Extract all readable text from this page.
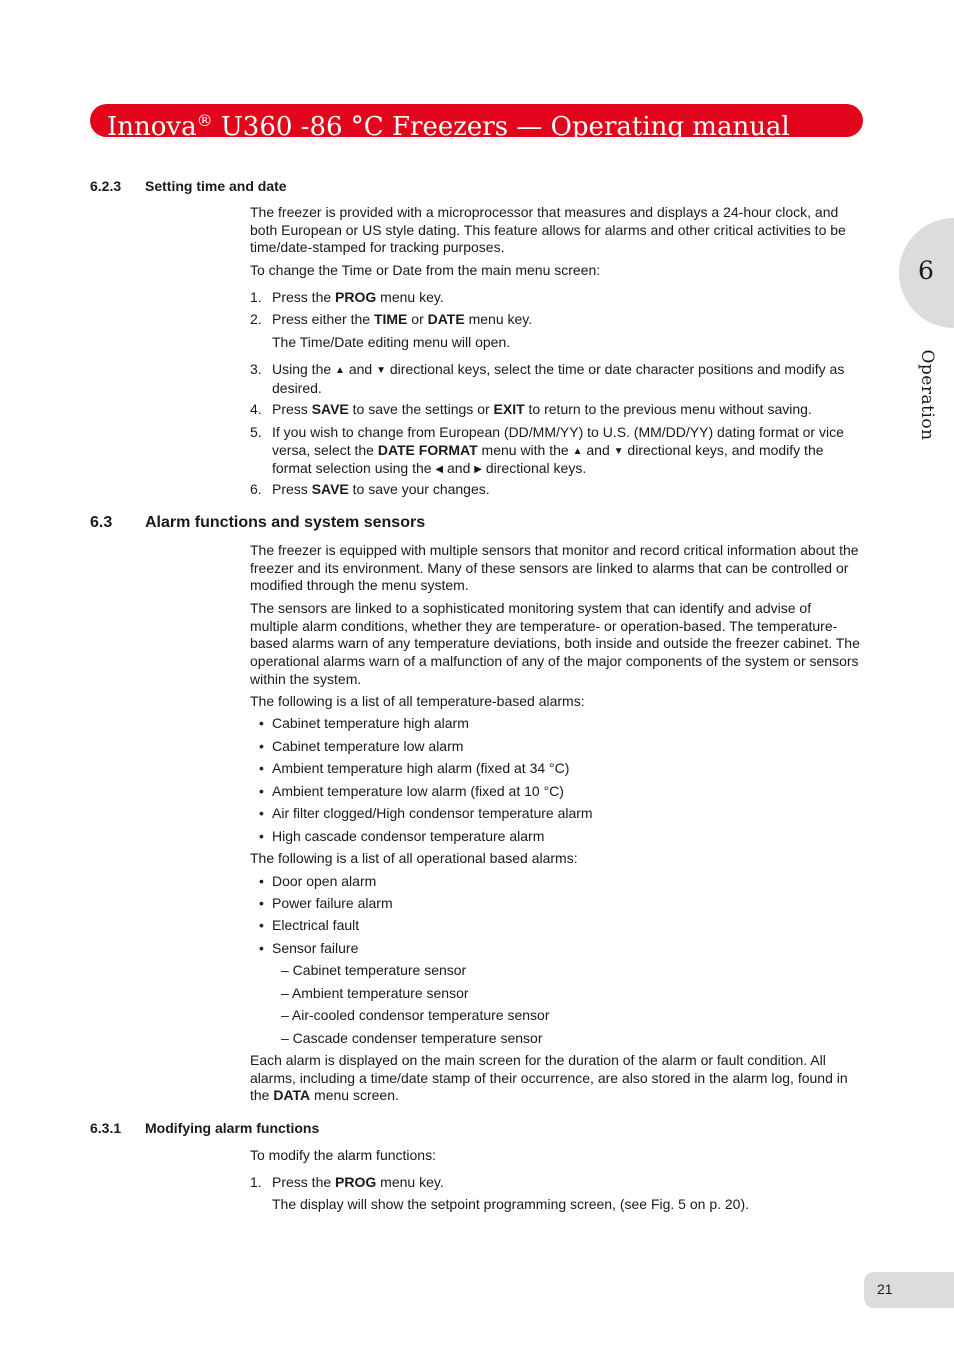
Innova® U360 -86 °C Freezers — Operating manual
6
Operation
6.2.3 Setting time and date
The freezer is provided with a microprocessor that measures and displays a 24-hour clock, and both European or US style dating. This feature allows for alarms and other critical activities to be time/date-stamped for tracking purposes.
To change the Time or Date from the main menu screen:
1. Press the PROG menu key.
2. Press either the TIME or DATE menu key.
The Time/Date editing menu will open.
3. Using the ▲ and ▼ directional keys, select the time or date character positions and modify as desired.
4. Press SAVE to save the settings or EXIT to return to the previous menu without saving.
5. If you wish to change from European (DD/MM/YY) to U.S. (MM/DD/YY) dating format or vice versa, select the DATE FORMAT menu with the ▲ and ▼ directional keys, and modify the format selection using the ◀ and ▶ directional keys.
6. Press SAVE to save your changes.
6.3 Alarm functions and system sensors
The freezer is equipped with multiple sensors that monitor and record critical information about the freezer and its environment. Many of these sensors are linked to alarms that can be controlled or modified through the menu system.
The sensors are linked to a sophisticated monitoring system that can identify and advise of multiple alarm conditions, whether they are temperature- or operation-based. The temperature-based alarms warn of any temperature deviations, both inside and outside the freezer cabinet. The operational alarms warn of a malfunction of any of the major components of the system or sensors within the system.
The following is a list of all temperature-based alarms:
• Cabinet temperature high alarm
• Cabinet temperature low alarm
• Ambient temperature high alarm (fixed at 34 °C)
• Ambient temperature low alarm (fixed at 10 °C)
• Air filter clogged/High condensor temperature alarm
• High cascade condensor temperature alarm
The following is a list of all operational based alarms:
• Door open alarm
• Power failure alarm
• Electrical fault
• Sensor failure
– Cabinet temperature sensor
– Ambient temperature sensor
– Air-cooled condensor temperature sensor
– Cascade condenser temperature sensor
Each alarm is displayed on the main screen for the duration of the alarm or fault condition. All alarms, including a time/date stamp of their occurrence, are also stored in the alarm log, found in the DATA menu screen.
6.3.1 Modifying alarm functions
To modify the alarm functions:
1. Press the PROG menu key.
The display will show the setpoint programming screen, (see Fig. 5 on p. 20).
21
